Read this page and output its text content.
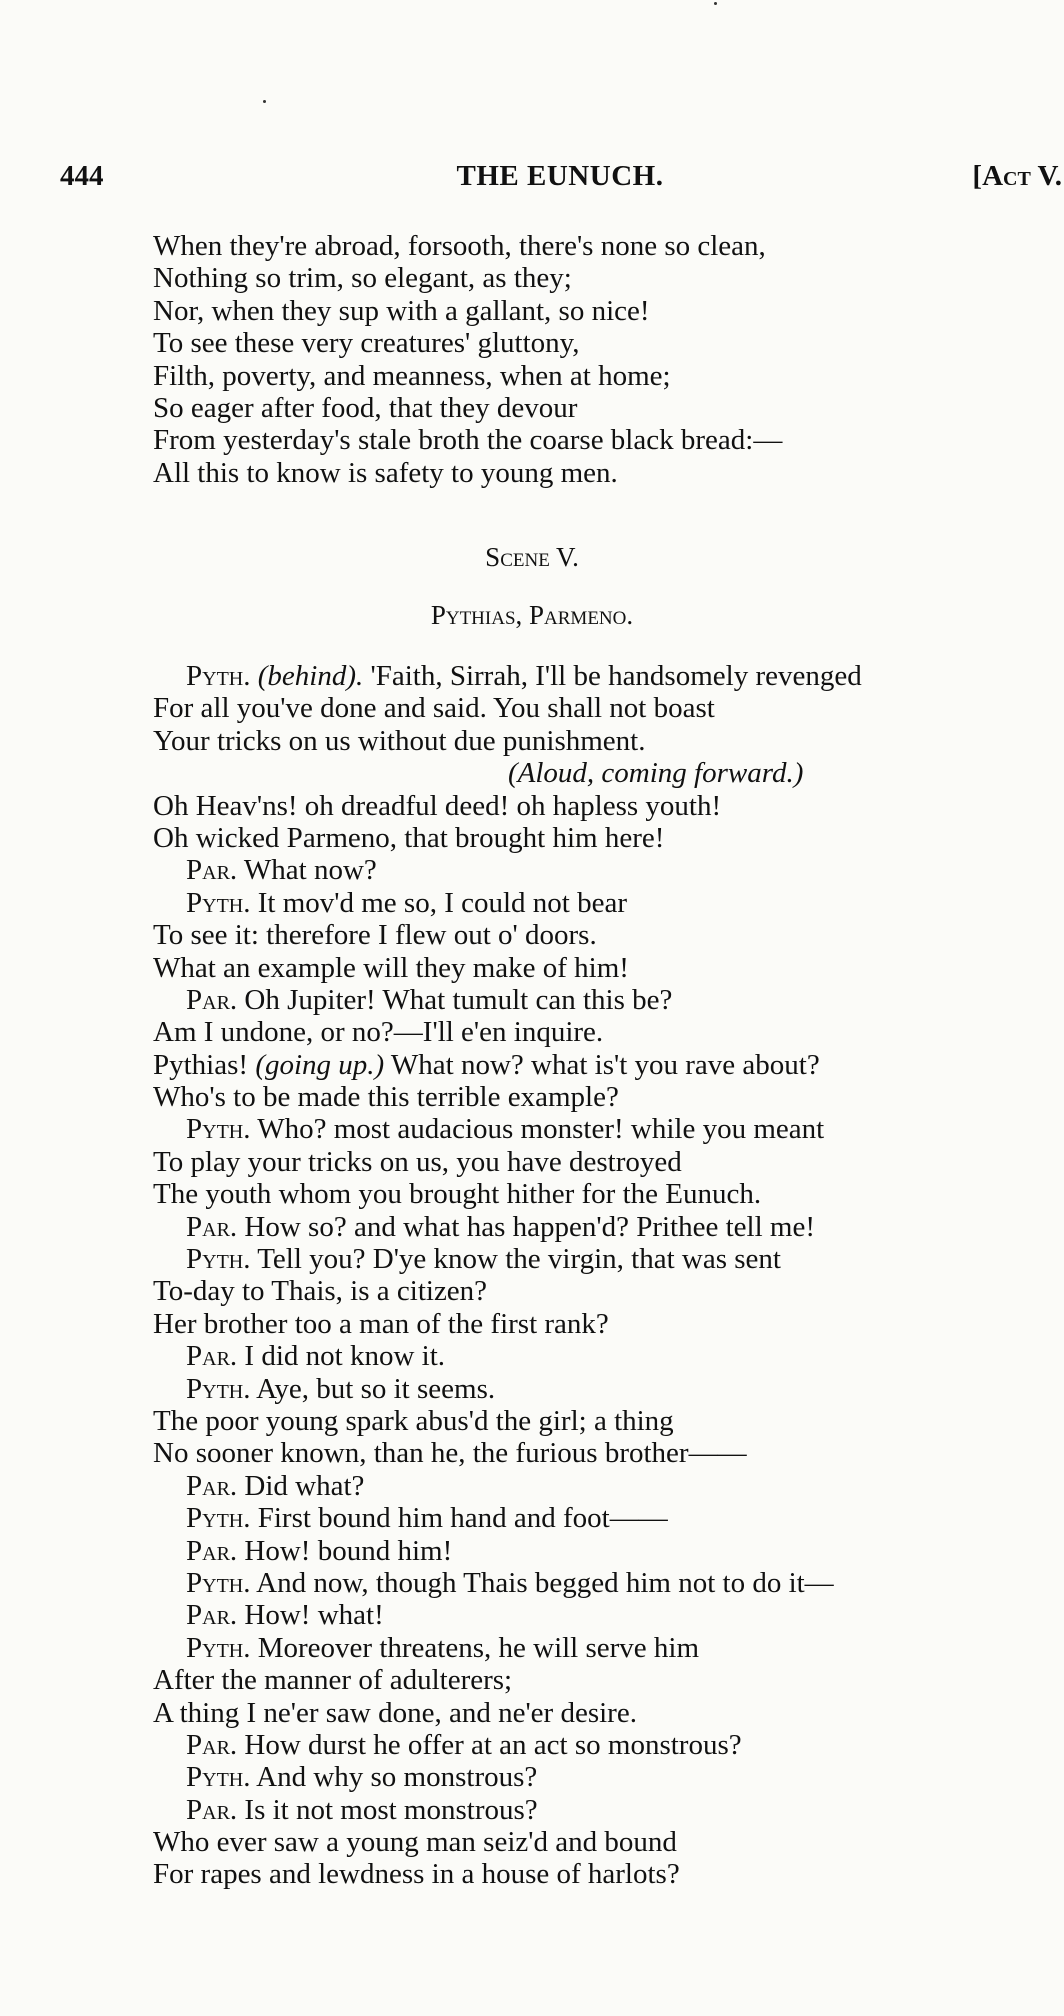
444	THE EUNUCH.	[Act V.
When they're abroad, forsooth, there's none so clean,
Nothing so trim, so elegant, as they;
Nor, when they sup with a gallant, so nice!
To see these very creatures' gluttony,
Filth, poverty, and meanness, when at home;
So eager after food, that they devour
From yesterday's stale broth the coarse black bread:—
All this to know is safety to young men.
Scene V.
Pythias, Parmeno.
Pyth. (behind). 'Faith, Sirrah, I'll be handsomely revenged
For all you've done and said. You shall not boast
Your tricks on us without due punishment.
(Aloud, coming forward.)
Oh Heav'ns! oh dreadful deed! oh hapless youth!
Oh wicked Parmeno, that brought him here!
Par. What now?
Pyth. It mov'd me so, I could not bear
To see it: therefore I flew out o' doors.
What an example will they make of him!
Par. Oh Jupiter! What tumult can this be?
Am I undone, or no?—I'll e'en inquire.
Pythias! (going up.) What now? what is't you rave about?
Who's to be made this terrible example?
Pyth. Who? most audacious monster! while you meant
To play your tricks on us, you have destroyed
The youth whom you brought hither for the Eunuch.
Par. How so? and what has happen'd? Prithee tell me!
Pyth. Tell you? D'ye know the virgin, that was sent
To-day to Thais, is a citizen?
Her brother too a man of the first rank?
Par. I did not know it.
Pyth. Aye, but so it seems.
The poor young spark abus'd the girl; a thing
No sooner known, than he, the furious brother——
Par. Did what?
Pyth. First bound him hand and foot——
Par. How! bound him!
Pyth. And now, though Thais begged him not to do it—
Par. How! what!
Pyth. Moreover threatens, he will serve him
After the manner of adulterers;
A thing I ne'er saw done, and ne'er desire.
Par. How durst he offer at an act so monstrous?
Pyth. And why so monstrous?
Par. Is it not most monstrous?
Who ever saw a young man seiz'd and bound
For rapes and lewdness in a house of harlots?
